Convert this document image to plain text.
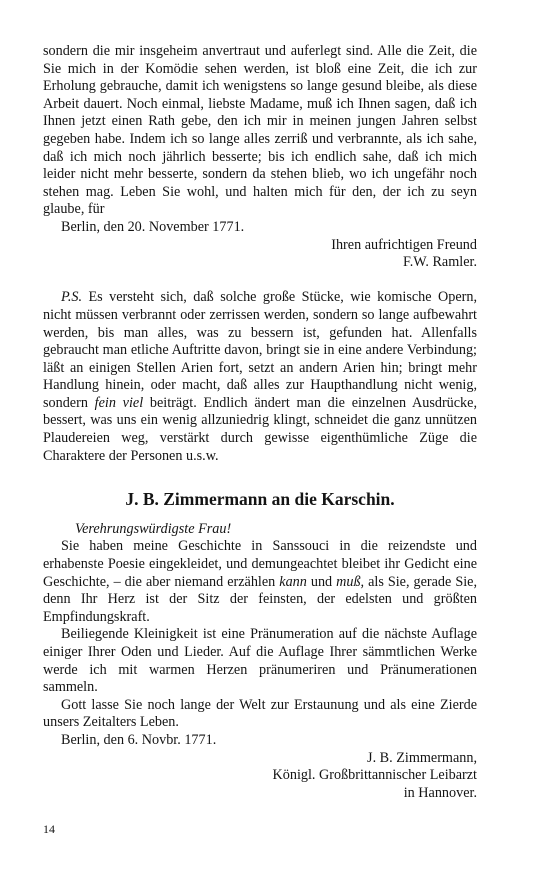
sondern die mir insgeheim anvertraut und auferlegt sind. Alle die Zeit, die Sie mich in der Komödie sehen werden, ist bloß eine Zeit, die ich zur Erholung gebrauche, damit ich wenigstens so lange gesund bleibe, als diese Arbeit dauert. Noch einmal, liebste Madame, muß ich Ihnen sagen, daß ich Ihnen jetzt einen Rath gebe, den ich mir in meinen jungen Jahren selbst gegeben habe. Indem ich so lange alles zerriß und verbrannte, als ich sahe, daß ich mich noch jährlich besserte; bis ich endlich sahe, daß ich mich leider nicht mehr besserte, sondern da stehen blieb, wo ich ungefähr noch stehen mag. Leben Sie wohl, und halten mich für den, der ich zu seyn glaube, für

Berlin, den 20. November 1771.

Ihren aufrichtigen Freund

F.W. Ramler.

P.S. Es versteht sich, daß solche große Stücke, wie komische Opern, nicht müssen verbrannt oder zerrissen werden, sondern so lange aufbewahrt werden, bis man alles, was zu bessern ist, gefunden hat. Allenfalls gebraucht man etliche Auftritte davon, bringt sie in eine andere Verbindung; läßt an einigen Stellen Arien fort, setzt an andern Arien hin; bringt mehr Handlung hinein, oder macht, daß alles zur Haupthandlung nicht wenig, sondern fein viel beiträgt. Endlich ändert man die einzelnen Ausdrücke, bessert, was uns ein wenig allzuniedrig klingt, schneidet die ganz unnützen Plaudereien weg, verstärkt durch gewisse eigenthümliche Züge die Charaktere der Personen u.s.w.

J. B. Zimmermann an die Karschin.

Verehrungswürdigste Frau!

Sie haben meine Geschichte in Sanssouci in die reizendste und erhabenste Poesie eingekleidet, und demungeachtet bleibet ihr Gedicht eine Geschichte, – die aber niemand erzählen kann und muß, als Sie, gerade Sie, denn Ihr Herz ist der Sitz der feinsten, der edelsten und größten Empfindungskraft.

Beiliegende Kleinigkeit ist eine Pränumeration auf die nächste Auflage einiger Ihrer Oden und Lieder. Auf die Auflage Ihrer sämmtlichen Werke werde ich mit warmen Herzen pränumeriren und Pränumerationen sammeln.

Gott lasse Sie noch lange der Welt zur Erstaunung und als eine Zierde unsers Zeitalters Leben.

Berlin, den 6. Novbr. 1771.

J. B. Zimmermann,

Königl. Großbrittannischer Leibarzt

in Hannover.

14
